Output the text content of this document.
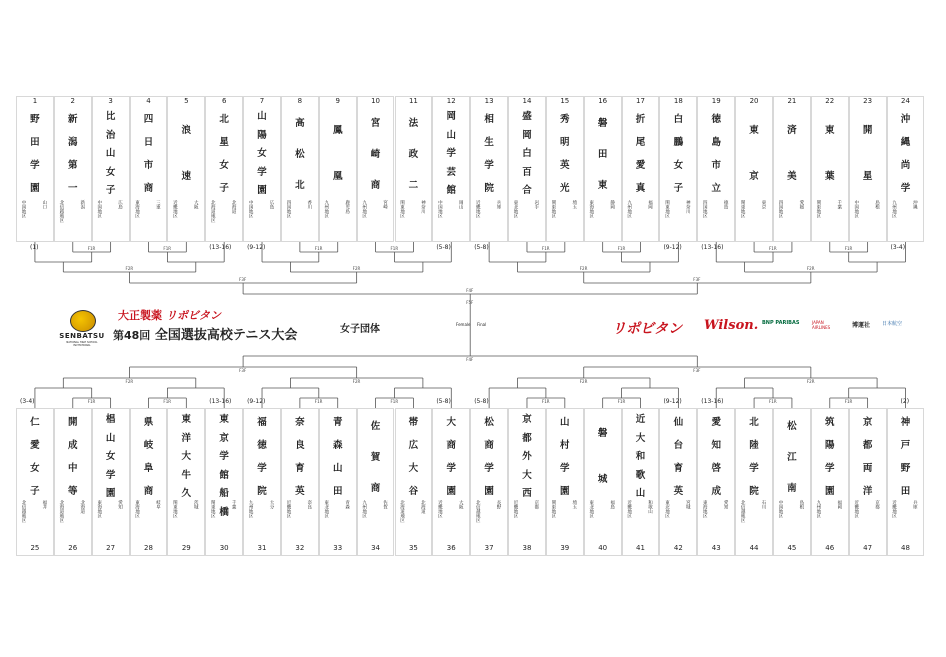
1
野
田
学
園
中国地区	山口
(1)
2
新
潟
第
一
北信越地区	新潟
3
比
治
山
女
子
中国地区	広島
4
四
日
市
商
東海地区	三重
5
浪
速
近畿地区	大阪
6
北
星
女
子
北海道地区	北海道
(13-16)
7
山
陽
女
学
園
中国地区	広島
(9-12)
8
高
松
北
四国地区	香川
9
鳳
凰
九州地区	鹿児島
10
宮
崎
商
九州地区	宮崎
11
法
政
二
関東地区	神奈川
12
岡
山
学
芸
館
中国地区	岡山
(5-8)
13
相
生
学
院
近畿地区	兵庫
(5-8)
14
盛
岡
白
百
合
東北地区	岩手
15
秀
明
英
光
関東地区	埼玉
16
磐
田
東
東海地区	静岡
17
折
尾
愛
真
九州地区	福岡
18
白
鵬
女
子
関東地区	神奈川
(9-12)
19
徳
島
市
立
四国地区	徳島
(13-16)
20
東
京
関東地区	東京
21
済
美
四国地区	愛媛
22
東
葉
関東地区	千葉
23
開
星
中国地区	島根
24
沖
縄
尚
学
九州地区	沖縄
(3-4)
25
仁
愛
女
子
北信越地区	福井
(3-4)
26
開
成
中
等
北海道地区	北海道
27
椙
山
女
学
園
東海地区	愛知
28
県
岐
阜
商
東海地区	岐阜
29
東
洋
大
牛
久
関東地区	茨城
30
東
京
学
館
船
橋
関東地区	千葉
(13-16)
31
福
徳
学
院
九州地区	大分
(9-12)
32
奈
良
育
英
近畿地区	奈良
33
青
森
山
田
東北地区	青森
34
佐
賀
商
九州地区	佐賀
35
帯
広
大
谷
北海道地区	北海道
36
大
商
学
園
近畿地区	大阪
(5-8)
37
松
商
学
園
北信越地区	長野
(5-8)
38
京
都
外
大
西
近畿地区	京都
39
山
村
学
園
関東地区	埼玉
40
磐
城
東北地区	福島
41
近
大
和
歌
山
近畿地区	和歌山
42
仙
台
育
英
東北地区	宮城
(9-12)
43
愛
知
啓
成
東海地区	愛知
(13-16)
44
北
陸
学
院
北信越地区	石川
45
松
江
南
中国地区	島根
46
筑
陽
学
園
九州地区	福岡
47
京
都
両
洋
近畿地区	京都
48
神
戸
野
田
近畿地区	兵庫
(2)
SENBATSU
NATIONAL HIGH SCHOOL INVITATIONAL
大正製薬 リポビタン
第48回 全国選抜高校テニス大会	女子団体	Female Final	リポビタン Wilson. BNP PARIBAS	JAPAN AIRLINES	博運社 日本航空
F1R	F1R	F1R	F1R	F1R	F1R	F1R	F1R
F2R	F2R	F2R	F2R
F3F	F3F
F4F
F1R	F1R	F1R	F1R	F1R	F1R	F1R	F1R
F2R	F2R	F2R	F2R
F3F	F3F
F4F
F5F
